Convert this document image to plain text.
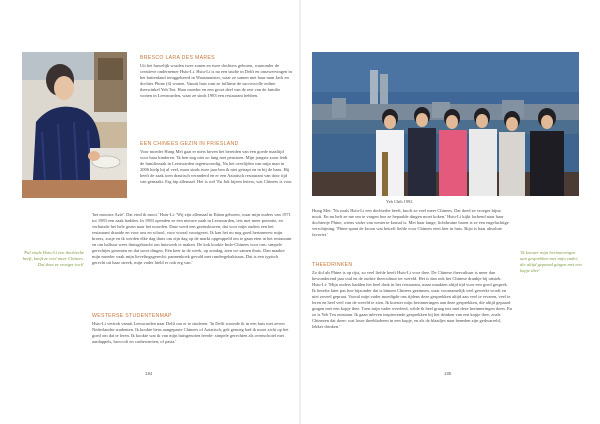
BRESCO LARA DES MARES
Uit het huwelijk worden twee zonen en twee dochters geboren, waaronder de creatieve ondernemer Hsiu-Li. Hsiu-Li is na een studie in Delft en omzwervingen in het buitenland teruggekeerd in Waasmunster, waar ze samen met haar man Jack en dochter Phine (4) wonen. Vanuit huis runt ze fulltime de succesvolle online theewinkel Yeh Tea. Haar moeder en een groot deel van de rest van de familie wonen in Leeuwarden, waar ze sinds 1983 een restaurant hebben.
EEN CHINEES GEZIN IN FRIESLAND
Voor moeder Hung Mei gaat er niets boven het bereiden van een goede maaltijd voor haar kinderen. 'Ik ben nog niet zo lang met pensioen. Mijn jongste zoon leidt de familiezaak in Leeuwarden tegenwoordig. Na het overlijden van mijn man in 2006 hielp hij al veel, maar sinds twee jaar ben ik niet getrapt en in bij de baas. Hij heeft de zaak toen drastisch veranderd en er een Aziatisch restaurant van door tijd van gemaakt. Erg hip allemaal. Het is wel 'En Juk bijeen letters, wat Chinees is voor
'het mooiste Azië'. Dat vind ik mooi.' Hsiu-Li: 'Wij zijn allemaal in Edam geboren, waar mijn ouders van 1971 tot 1983 een zaak hadden. In 1983 openden ze een nieuwe zaak in Leeuwarden, iets met meer potentie, en verhuisde het hele gezin naar het noorden. Daar werd een gezinshuwen, dat voor mijn ouders een het restaurant draaide en voor ons en school, voor vooral voortgezet. Ik kan het nu nog goed herinneren: mijn broers, zusje en ik werden elke dag thuis om zijn dag op de markt opgesppeld om te gaan eten in het restaurant en om halfuur wees thuisgebracht om huiswerk te maken. De kok kookte Indo-Chinees voor ons: simpele gerechtjes groenten en dat soort dingen. Eén keer in de week, op zondag, aten we samen thuis. Dan maakte mijn moeder vaak mijn lievelingsgerecht: pannenkoek gevuld met rundergehaktsaus. Dat is een typisch gerecht uit haar streek, mijn vader hield er ook erg van.'
'Pal vinde Hsiu-Li een dochterbe heeft, knoft ze veel meer Chinees. Dat doet ze vroeger toch'
WESTERSE STUDENTENMAP
Hsiu-Li vertrok vanuit Leeuwarden naar Delft om er te studeren. 'In Delft woonde ik in een huis met zeven Nederlandse studenten. Ik kookte heus aangepaste Chinees of Aziatisch, gek genoeg had ik mooi zicht op het goed om dat te leren. Ik kookte wat ik van mijn huisgenoten leerde: simpele gerechten als ovenschotel met aardappels, broccoli en cashewnoten, of pasta.'
184
Yeh Chih 1992
Hung Mei: 'Na zoals Hsiu-Li een dochterbe heeft, knoft ze veel meer Chinees. Dat doed ze vroeger bijna nooit. En nu heft ze me om te vragen hoe ze bepaalde dingen moet koken.' Hsiu-Li kijkt lachend naar haar dochtertje Phine, wiens vader van westerse komaf is. Met haar lange, lichtbruine haren is ze een engelachtige verschijning. 'Phine spant de kroon wat betreft liefde voor Chinees eten hier in huis. Rijst is haar absolute favoriet.'
THEEDRINKEN
Zo dol als Phine is op rijst, zo veel liefde heeft Hsiu-Li voor thee. De Chinese theecultuur is meer dan bewonderend jaar oud en de oudste theecultuur ter wereld. Het is dan ook het Chinese drankje bij uitstek. Hsiu-Li: 'Mijn ouders hadden het heel druk in het restaurant, maar maakten altijd tijd voor een goed gesprek. Ik besefte later pas hoe bijzonder dat is binnen Chinees gezinnen, waar voornamelijk veel gewerkt wordt en niet zoveel gepraat. Vooral mijn vader moedigde ons tijdens deze gesprekken altijd aan veel te ervaren, veel te leren en heel veel van de wereld te zien. Ik koester mijn herinneringen aan deze gesprekken, die altijd gepaard gingen met een kopje thee. Toen mijn vader overleed, wilde ik heel graag iets met deze herinneringen doen. En zo is Yeh Tea ontstaan. Ik gaan inleven inspirerende gesprekken bij het drinken van een kopje thee, zoals Chinezen dat doen: wat losse theebladeren in een kopje, en als de blaadjes naar beneden zijn gedwarreld, lekker drinken.'
'Ik koester mijn herinneringen aan gesprekken met mijn vader, die altijd gepaard gingen met een kopje thee'
185
